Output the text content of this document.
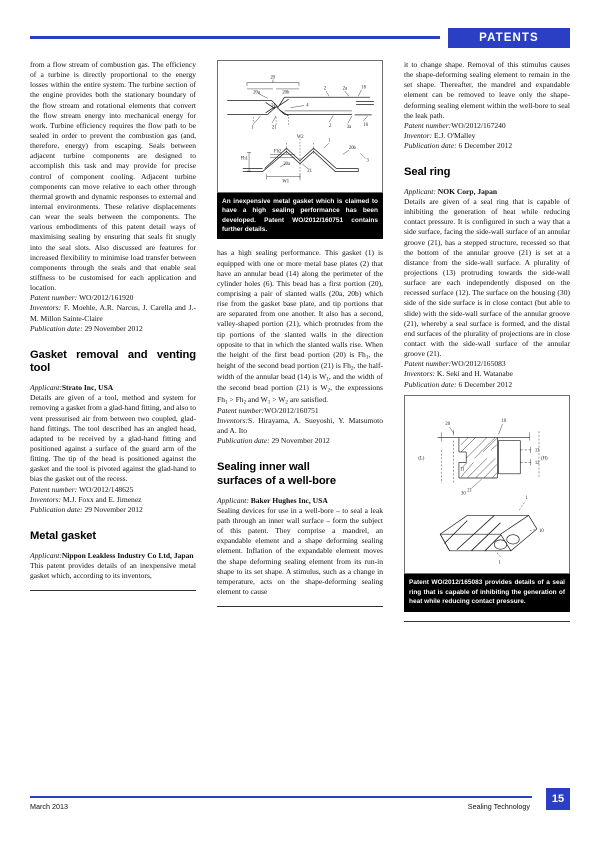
PATENTS

from a flow stream of combustion gas. The efficiency of a turbine is directly proportional to the energy losses within the entire system. The turbine section of the engine provides both the stationary boundary of the flow stream and rotational elements that convert the flow stream energy into mechanical energy for work. Turbine efficiency requires the flow path to be sealed in order to prevent the combustion gas (and, therefore, energy) from escaping. Seals between adjacent turbine components are designed to accomplish this task and may provide for precise control of component cooling. Adjacent turbine components can move relative to each other through thermal growth and dynamic responses to external and internal environments. These relative displacements can wear the seals between the components. The various embodiments of this patent detail ways of maximising sealing by ensuring that seals fit snugly into the seal slots. Also discussed are features for increased flexibility to minimise load transfer between components through the seals and that enable seal stiffness to be customised for each application and location.

Patent number: WO/2012/161920
Inventors: F. Moehle, A.R. Narcus, J. Carella and J.-M. Millon Sainte-Claire
Publication date: 29 November 2012
Gasket removal and venting tool
Applicant:Strato Inc, USA

Details are given of a tool, method and system for removing a gasket from a glad-hand fitting, and also to vent pressurised air from between two coupled, glad-hand fittings. The tool described has an angled head, adapted to be received by a glad-hand fitting and positioned against a surface of the guard arm of the fitting. The tip of the head is positioned against the gasket and the tool is pivoted against the glad-hand to bias the gasket out of the recess.

Patent number: WO/2012/148625
Inventors: M.J. Foxx and E. Jimenez
Publication date: 29 November 2012
Metal gasket
Applicant:Nippon Leakless Industry Co Ltd, Japan

This patent provides details of an inexpensive metal gasket which, according to its inventors,

20
20a 20b
14	4
2 2a 18
2 3a 16
1 21
W2
Fh1
Fh2
W1
1
20b
3
21
20a
An inexpensive metal gasket which is claimed to have a high sealing performance has been developed. Patent WO/2012/160751 contains further details.

has a high sealing performance. This gasket (1) is equipped with one or more metal base plates (2) that have an annular bead (14) along the perimeter of the cylinder holes (6). This bead has a first portion (20), comprising a pair of slanted walls (20a, 20b) which rise from the gasket base plate, and tip portions that are separated from one another. It also has a second, valley-shaped portion (21), which protrudes from the tip portions of the slanted walls in the direction opposite to that in which the slanted walls rise. When the height of the first bead portion (20) is $Fh_1$, the height of the second bead portion (21) is $Fh_2$, the half-width of the annular bead (14) is $W_1$, and the width of the second bead portion (21) is $W_2$, the expressions $Fh_1 > Fh_2$ and $W_1 > W_2$ are satisfied.

Patent number:WO/2012/160751
Inventors:S. Hirayama, A. Sueyoshi, Y. Matsumoto and A. Ito
Publication date: 29 November 2012
Sealing inner wall
surfaces of a well-bore
Applicant: Baker Hughes Inc, USA

Sealing devices for use in a well-bore – to seal a leak path through an inner wall surface – form the subject of this patent. They comprise a mandrel, an expandable element and a shape deforming sealing element. Inflation of the expandable element moves the shape deforming sealing element from its run-in shape to its set shape. A stimulus, such as a change in temperature, acts on the shape-deforming sealing element to cause

it to change shape. Removal of this stimulus causes the shape-deforming sealing element to remain in the set shape. Thereafter, the mandrel and expandable element can be removed to leave only the shape-deforming sealing element within the well-bore to seal the leak path.

Patent number:WO/2012/167240
Inventor: E.J. O'Malley
Publication date: 6 December 2012
Seal ring
Applicant: NOK Corp, Japan

Details are given of a seal ring that is capable of inhibiting the generation of heat while reducing contact pressure. It is configured in such a way that a side surface, facing the side-wall surface of an annular groove (21), has a stepped structure, recessed so that the bottom of the annular groove (21) is set at a distance from the side-wall surface. A plurality of projections (13) protruding towards the side-wall surface are each independently disposed on the recessed surface (12). The surface on the housing (30) side of the side surface is in close contact (but able to slide) with the side-wall surface of the annular groove (21), whereby a seal surface is formed, and the distal end surfaces of the plurality of projections are in close contact with the side-wall surface of the annular groove (21).

Patent number:WO/2012/165083
Inventors: K. Seki and H. Watanabe
Publication date: 6 December 2012
(L)	(H)
10
20
30
13
12
11
21
1
10
1
Patent WO/2012/165083 provides details of a seal ring that is capable of inhibiting the generation of heat while reducing contact pressure.
March 2013	Sealing Technology
15
